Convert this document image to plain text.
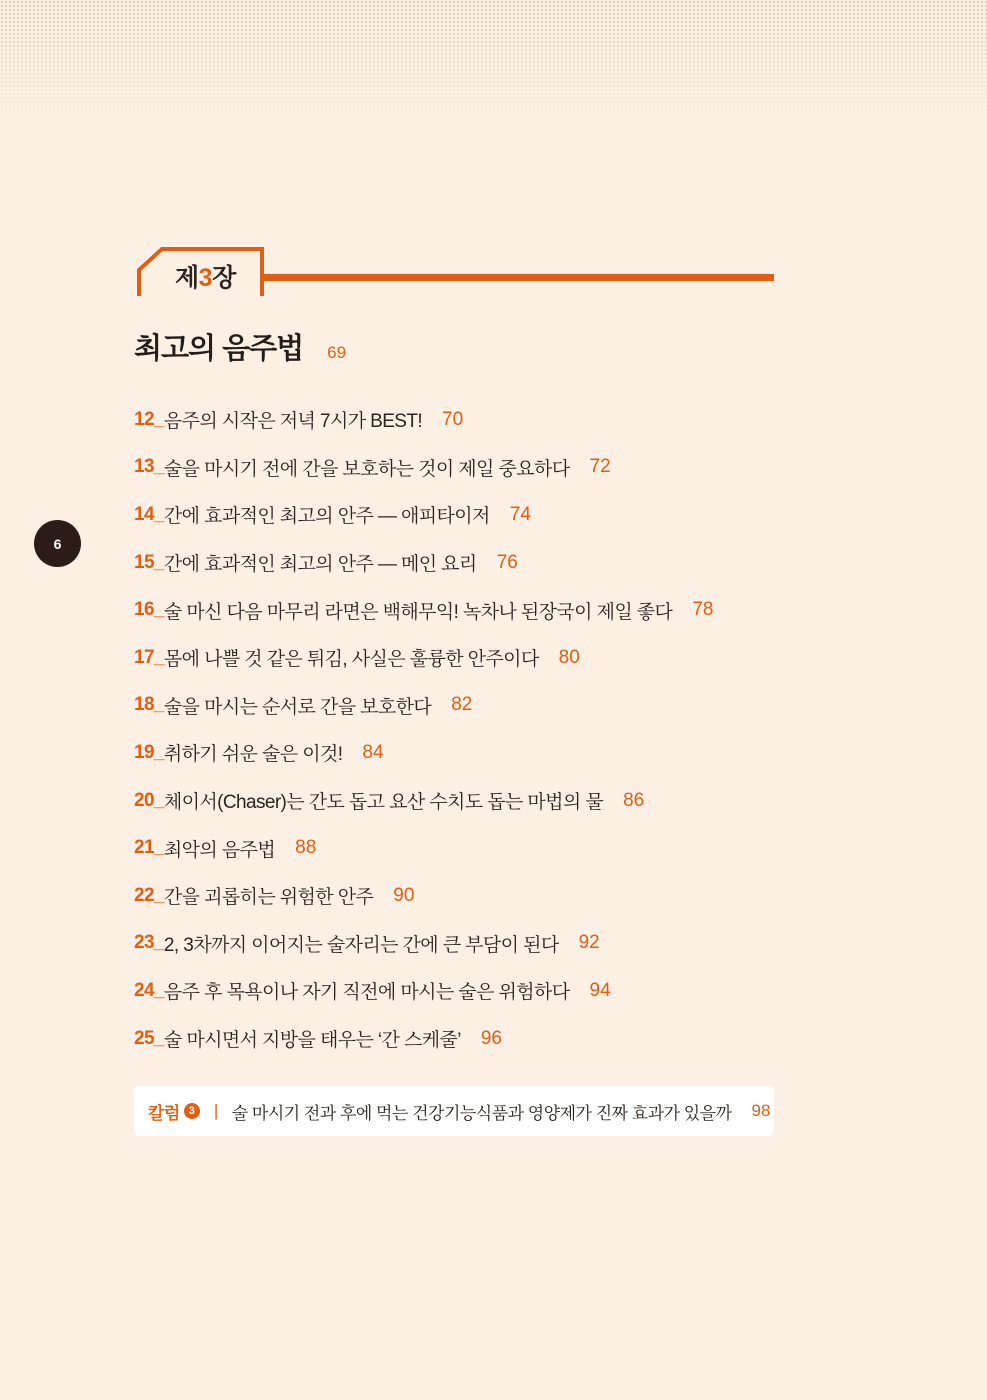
제3장
최고의 음주법 69
6
12_ 음주의 시작은 저녁 7시가 BEST! 70
13_ 술을 마시기 전에 간을 보호하는 것이 제일 중요하다 72
14_ 간에 효과적인 최고의 안주 — 애피타이저 74
15_ 간에 효과적인 최고의 안주 — 메인 요리 76
16_ 술 마신 다음 마무리 라면은 백해무익! 녹차나 된장국이 제일 좋다 78
17_ 몸에 나쁠 것 같은 튀김, 사실은 훌륭한 안주이다 80
18_ 술을 마시는 순서로 간을 보호한다 82
19_ 취하기 쉬운 술은 이것! 84
20_ 체이서(Chaser)는 간도 돕고 요산 수치도 돕는 마법의 물 86
21_ 최악의 음주법 88
22_ 간을 괴롭히는 위험한 안주 90
23_ 2, 3차까지 이어지는 술자리는 간에 큰 부담이 된다 92
24_ 음주 후 목욕이나 자기 직전에 마시는 술은 위험하다 94
25_ 술 마시면서 지방을 태우는 ‘간 스케줄’ 96
칼럼 3 | 술 마시기 전과 후에 먹는 건강기능식품과 영양제가 진짜 효과가 있을까 98
